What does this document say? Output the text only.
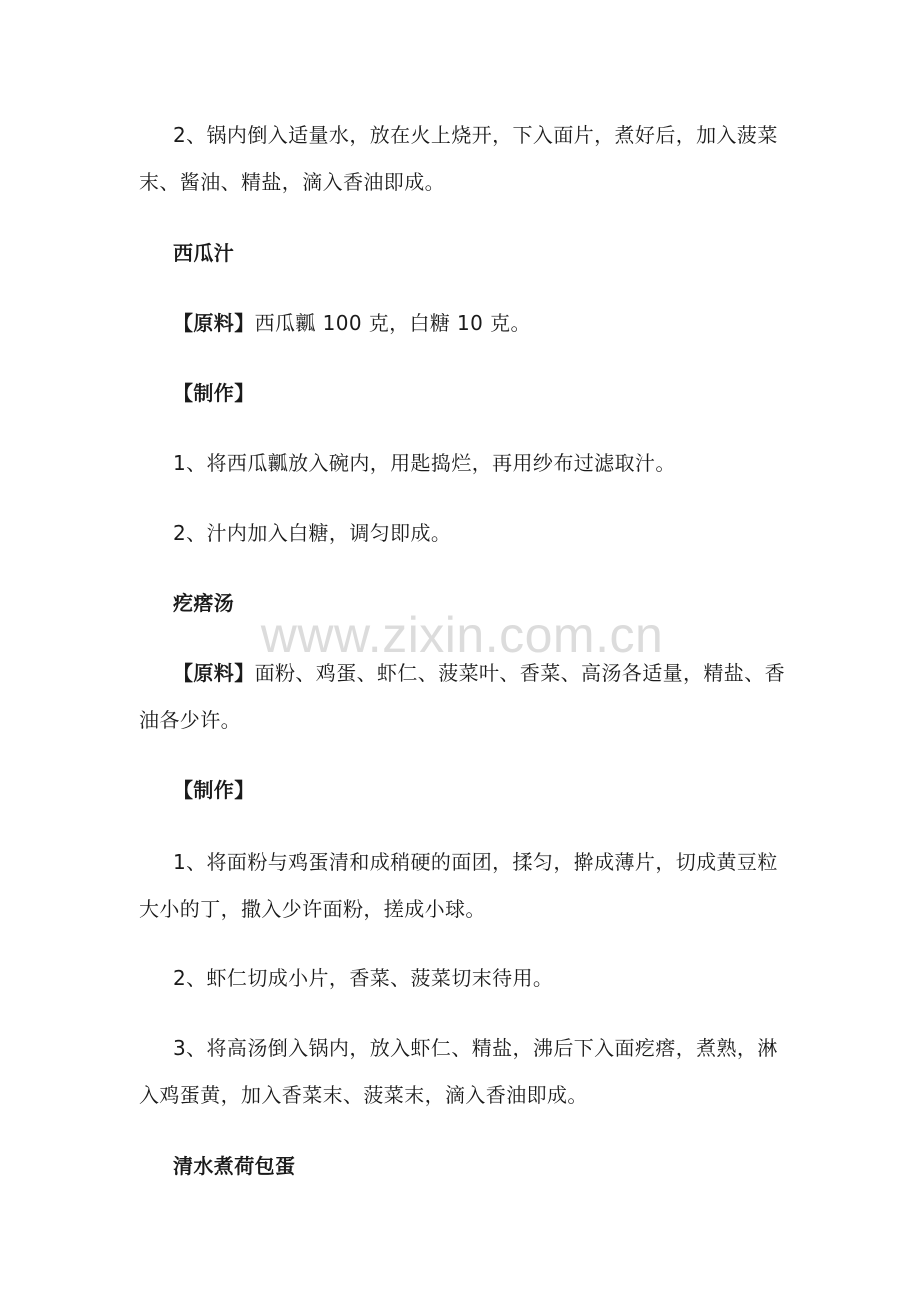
2、锅内倒入适量水，放在火上烧开，下入面片，煮好后，加入菠菜末、酱油、精盐，滴入香油即成。

西瓜汁

【原料】西瓜瓤 100 克，白糖 10 克。

【制作】

1、将西瓜瓤放入碗内，用匙捣烂，再用纱布过滤取汁。

2、汁内加入白糖，调匀即成。

疙瘩汤

【原料】面粉、鸡蛋、虾仁、菠菜叶、香菜、高汤各适量，精盐、香油各少许。

【制作】

1、将面粉与鸡蛋清和成稍硬的面团，揉匀，擀成薄片，切成黄豆粒大小的丁，撒入少许面粉，搓成小球。

2、虾仁切成小片，香菜、菠菜切末待用。

3、将高汤倒入锅内，放入虾仁、精盐，沸后下入面疙瘩，煮熟，淋入鸡蛋黄，加入香菜末、菠菜末，滴入香油即成。

清水煮荷包蛋

www.zixin.com.cn
